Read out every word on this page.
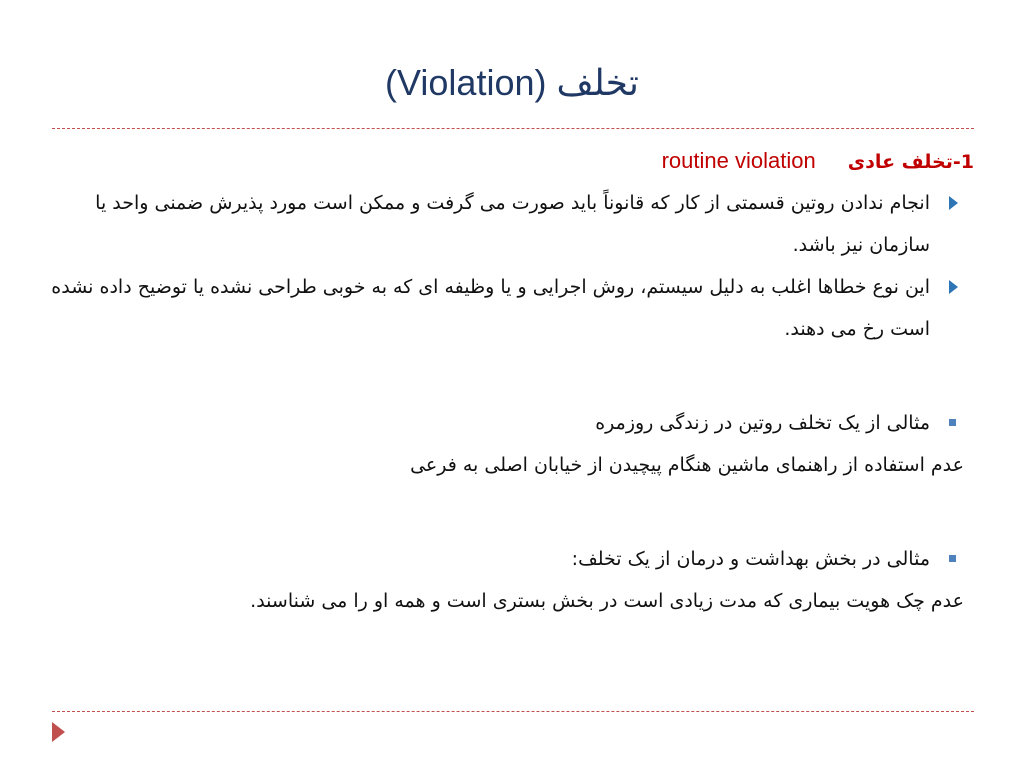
تخلف (Violation)
1-تخلف عادی routine violation
انجام ندادن روتین قسمتی از کار که قانوناً باید صورت می گرفت و ممکن است مورد پذیرش ضمنی واحد یا سازمان نیز باشد.
این نوع خطاها اغلب به دلیل سیستم، روش اجرایی و یا وظیفه ای که به خوبی طراحی نشده یا توضیح داده نشده است رخ می دهند.
مثالی از یک تخلف روتین در زندگی روزمره
عدم استفاده از راهنمای ماشین هنگام پیچیدن از خیابان اصلی به فرعی
مثالی در بخش بهداشت و درمان از یک تخلف:
عدم چک هویت بیماری که مدت زیادی است در بخش بستری است و همه او را می شناسند.
